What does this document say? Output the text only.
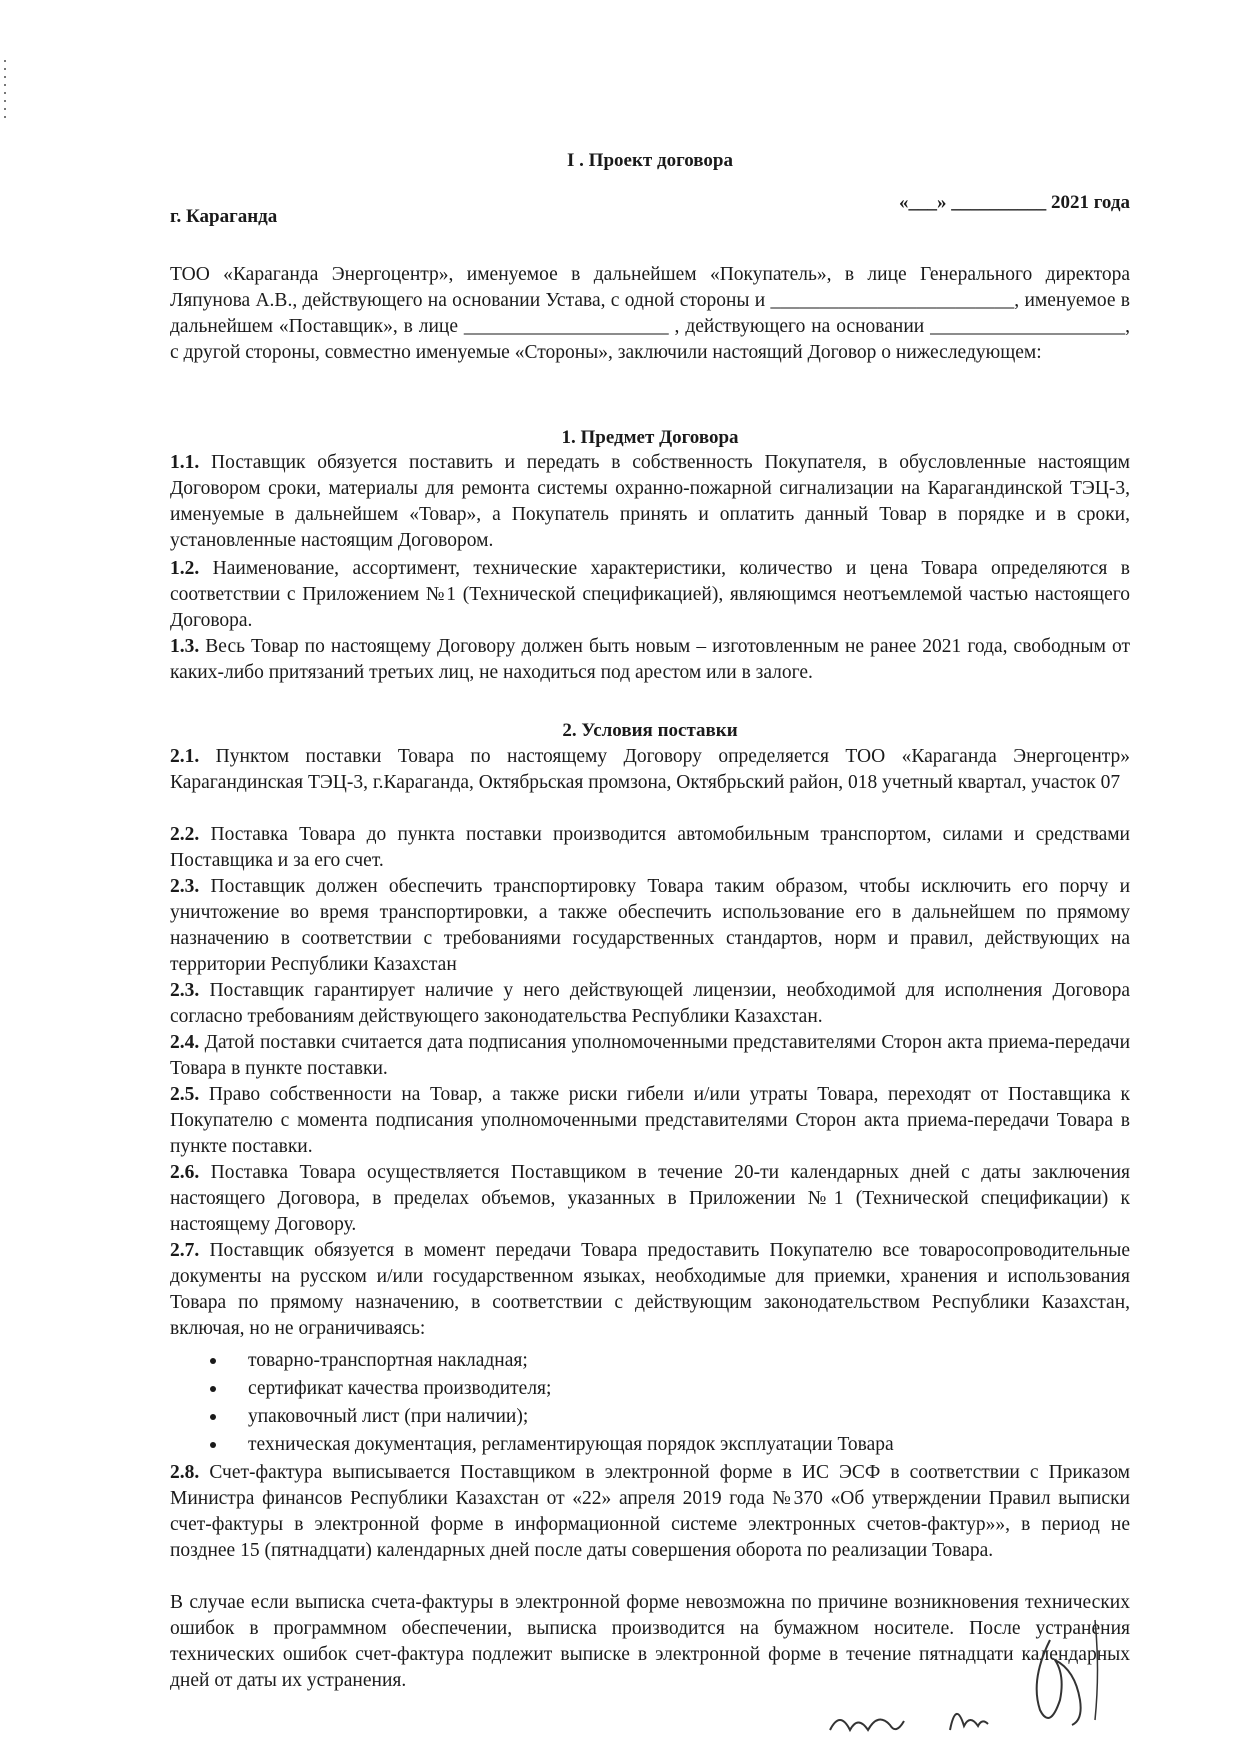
I . Проект договора
г. Караганда
«___» __________ 2021 года
ТОО «Караганда Энергоцентр», именуемое в дальнейшем «Покупатель», в лице Генерального директора Ляпунова А.В., действующего на основании Устава, с одной стороны и _________________________, именуемое в дальнейшем «Поставщик», в лице _____________________ , действующего на основании ____________________, с другой стороны, совместно именуемые «Стороны», заключили настоящий Договор о нижеследующем:
1. Предмет Договора
1.1. Поставщик обязуется поставить и передать в собственность Покупателя, в обусловленные настоящим Договором сроки, материалы для ремонта системы охранно-пожарной сигнализации на Карагандинской ТЭЦ-3, именуемые в дальнейшем «Товар», а Покупатель принять и оплатить данный Товар в порядке и в сроки, установленные настоящим Договором.
1.2. Наименование, ассортимент, технические характеристики, количество и цена Товара определяются в соответствии с Приложением №1 (Технической спецификацией), являющимся неотъемлемой частью настоящего Договора.
1.3. Весь Товар по настоящему Договору должен быть новым – изготовленным не ранее 2021 года, свободным от каких-либо притязаний третьих лиц, не находиться под арестом или в залоге.
2. Условия поставки
2.1. Пунктом поставки Товара по настоящему Договору определяется ТОО «Караганда Энергоцентр» Карагандинская ТЭЦ-3, г.Караганда, Октябрьская промзона, Октябрьский район, 018 учетный квартал, участок 07
2.2. Поставка Товара до пункта поставки производится автомобильным транспортом, силами и средствами Поставщика и за его счет.
2.3. Поставщик должен обеспечить транспортировку Товара таким образом, чтобы исключить его порчу и уничтожение во время транспортировки, а также обеспечить использование его в дальнейшем по прямому назначению в соответствии с требованиями государственных стандартов, норм и правил, действующих на территории Республики Казахстан
2.3. Поставщик гарантирует наличие у него действующей лицензии, необходимой для исполнения Договора согласно требованиям действующего законодательства Республики Казахстан.
2.4. Датой поставки считается дата подписания уполномоченными представителями Сторон акта приема-передачи Товара в пункте поставки.
2.5. Право собственности на Товар, а также риски гибели и/или утраты Товара, переходят от Поставщика к Покупателю с момента подписания уполномоченными представителями Сторон акта приема-передачи Товара в пункте поставки.
2.6. Поставка Товара осуществляется Поставщиком в течение 20-ти календарных дней с даты заключения настоящего Договора, в пределах объемов, указанных в Приложении №1 (Технической спецификации) к настоящему Договору.
2.7. Поставщик обязуется в момент передачи Товара предоставить Покупателю все товаросопроводительные документы на русском и/или государственном языках, необходимые для приемки, хранения и использования Товара по прямому назначению, в соответствии с действующим законодательством Республики Казахстан, включая, но не ограничиваясь:
товарно-транспортная накладная;
сертификат качества производителя;
упаковочный лист (при наличии);
техническая документация, регламентирующая порядок эксплуатации Товара
2.8. Счет-фактура выписывается Поставщиком в электронной форме в ИС ЭСФ в соответствии с Приказом Министра финансов Республики Казахстан от «22» апреля 2019 года №370 «Об утверждении Правил выписки счет-фактуры в электронной форме в информационной системе электронных счетов-фактур»», в период не позднее 15 (пятнадцати) календарных дней после даты совершения оборота по реализации Товара.
В случае если выписка счета-фактуры в электронной форме невозможна по причине возникновения технических ошибок в программном обеспечении, выписка производится на бумажном носителе. После устранения технических ошибок счет-фактура подлежит выписке в электронной форме в течение пятнадцати календарных дней от даты их устранения.
